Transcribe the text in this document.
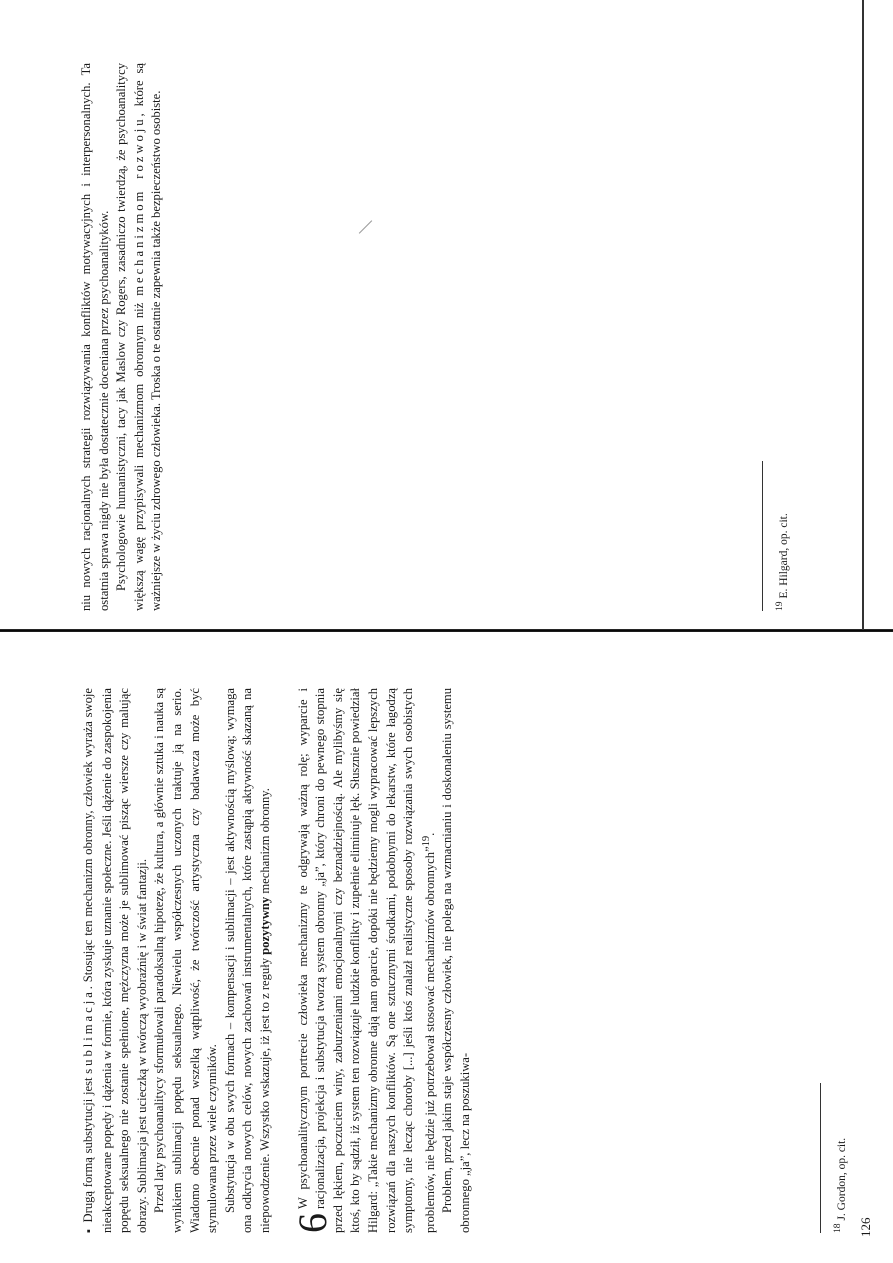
▪Drugą formą substytucji jest sublimacja. Stosując ten mechanizm obronny, człowiek wyraża swoje nieakceptowane popędy i dążenia w formie, która zyskuje uznanie społeczne. Jeśli dążenie do zaspokojenia popędu seksualnego nie zostanie spełnione, mężczyzna może je sublimować pisząc wiersze czy malując obrazy. Sublimacja jest ucieczką w twórczą wyobraźnię i w świat fantazji. Przed laty psychoanalitycy sformułowali paradoksalną hipotezę, że kultura, a głównie sztuka i nauka są wynikiem sublimacji popędu seksualnego. Niewielu współczesnych uczonych traktuje ją na serio. Wiadomo obecnie ponad wszelką wątpliwość, że twórczość artystyczna czy badawcza może być stymulowana przez wiele czynników. Substytucja w obu swych formach – kompensacji i sublimacji – jest aktywnością myślową; wymaga ona odkrycia nowych celów, nowych zachowań instrumentalnych, które zastąpią aktywność skazaną na niepowodzenie. Wszystko wskazuje, iż jest to z reguły pozytywny mechanizm obronny.

6
W psychoanalitycznym portrecie człowieka mechanizmy te odgrywają ważną rolę; wyparcie i racjonalizacja, projekcja i substytucja tworzą system obronny „ja”, który chroni do pewnego stopnia przed lękiem, poczuciem winy, zaburzeniami emocjonalnymi czy beznadziejnością. Ale mylibyśmy się ktoś, kto by sądził, iż system ten rozwiązuje ludzkie konflikty i zupełnie eliminuje lęk. Słusznie powiedział Hilgard: „Takie mechanizmy obronne dają nam oparcie, dopóki nie będziemy mogli wypracować lepszych rozwiązań dla naszych konfliktów. Są one sztucznymi środkami, podobnymi do lekarstw, które łagodzą symptomy, nie lecząc choroby [...] jeśli ktoś znalazł realistyczne sposoby rozwiązania swych osobistych problemów, nie będzie już potrzebował stosować mechanizmów obronnych”$^{19}$. Problem, przed jakim staje współczesny człowiek, nie polega na wzmacnianiu i doskonaleniu systemu obronnego „ja”, lecz na poszukiwa-	$^{18}$ J. Gordon, op. cit.
126

niu nowych racjonalnych strategii rozwiązywania konfliktów motywacyjnych i interpersonalnych. Ta ostatnia sprawa nigdy nie była dostatecznie doceniana przez psychoanalityków. Psychologowie humanistyczni, tacy jak Maslow czy Rogers, zasadniczo twierdzą, że psychoanalitycy większą wagę przypisywali mechanizmom obronnym niż mechanizmom rozwoju, które są ważniejsze w życiu zdrowego człowieka. Troska o te ostatnie zapewnia także bezpieczeństwo osobiste.	$^{19}$ E. Hilgard, op. cit.
